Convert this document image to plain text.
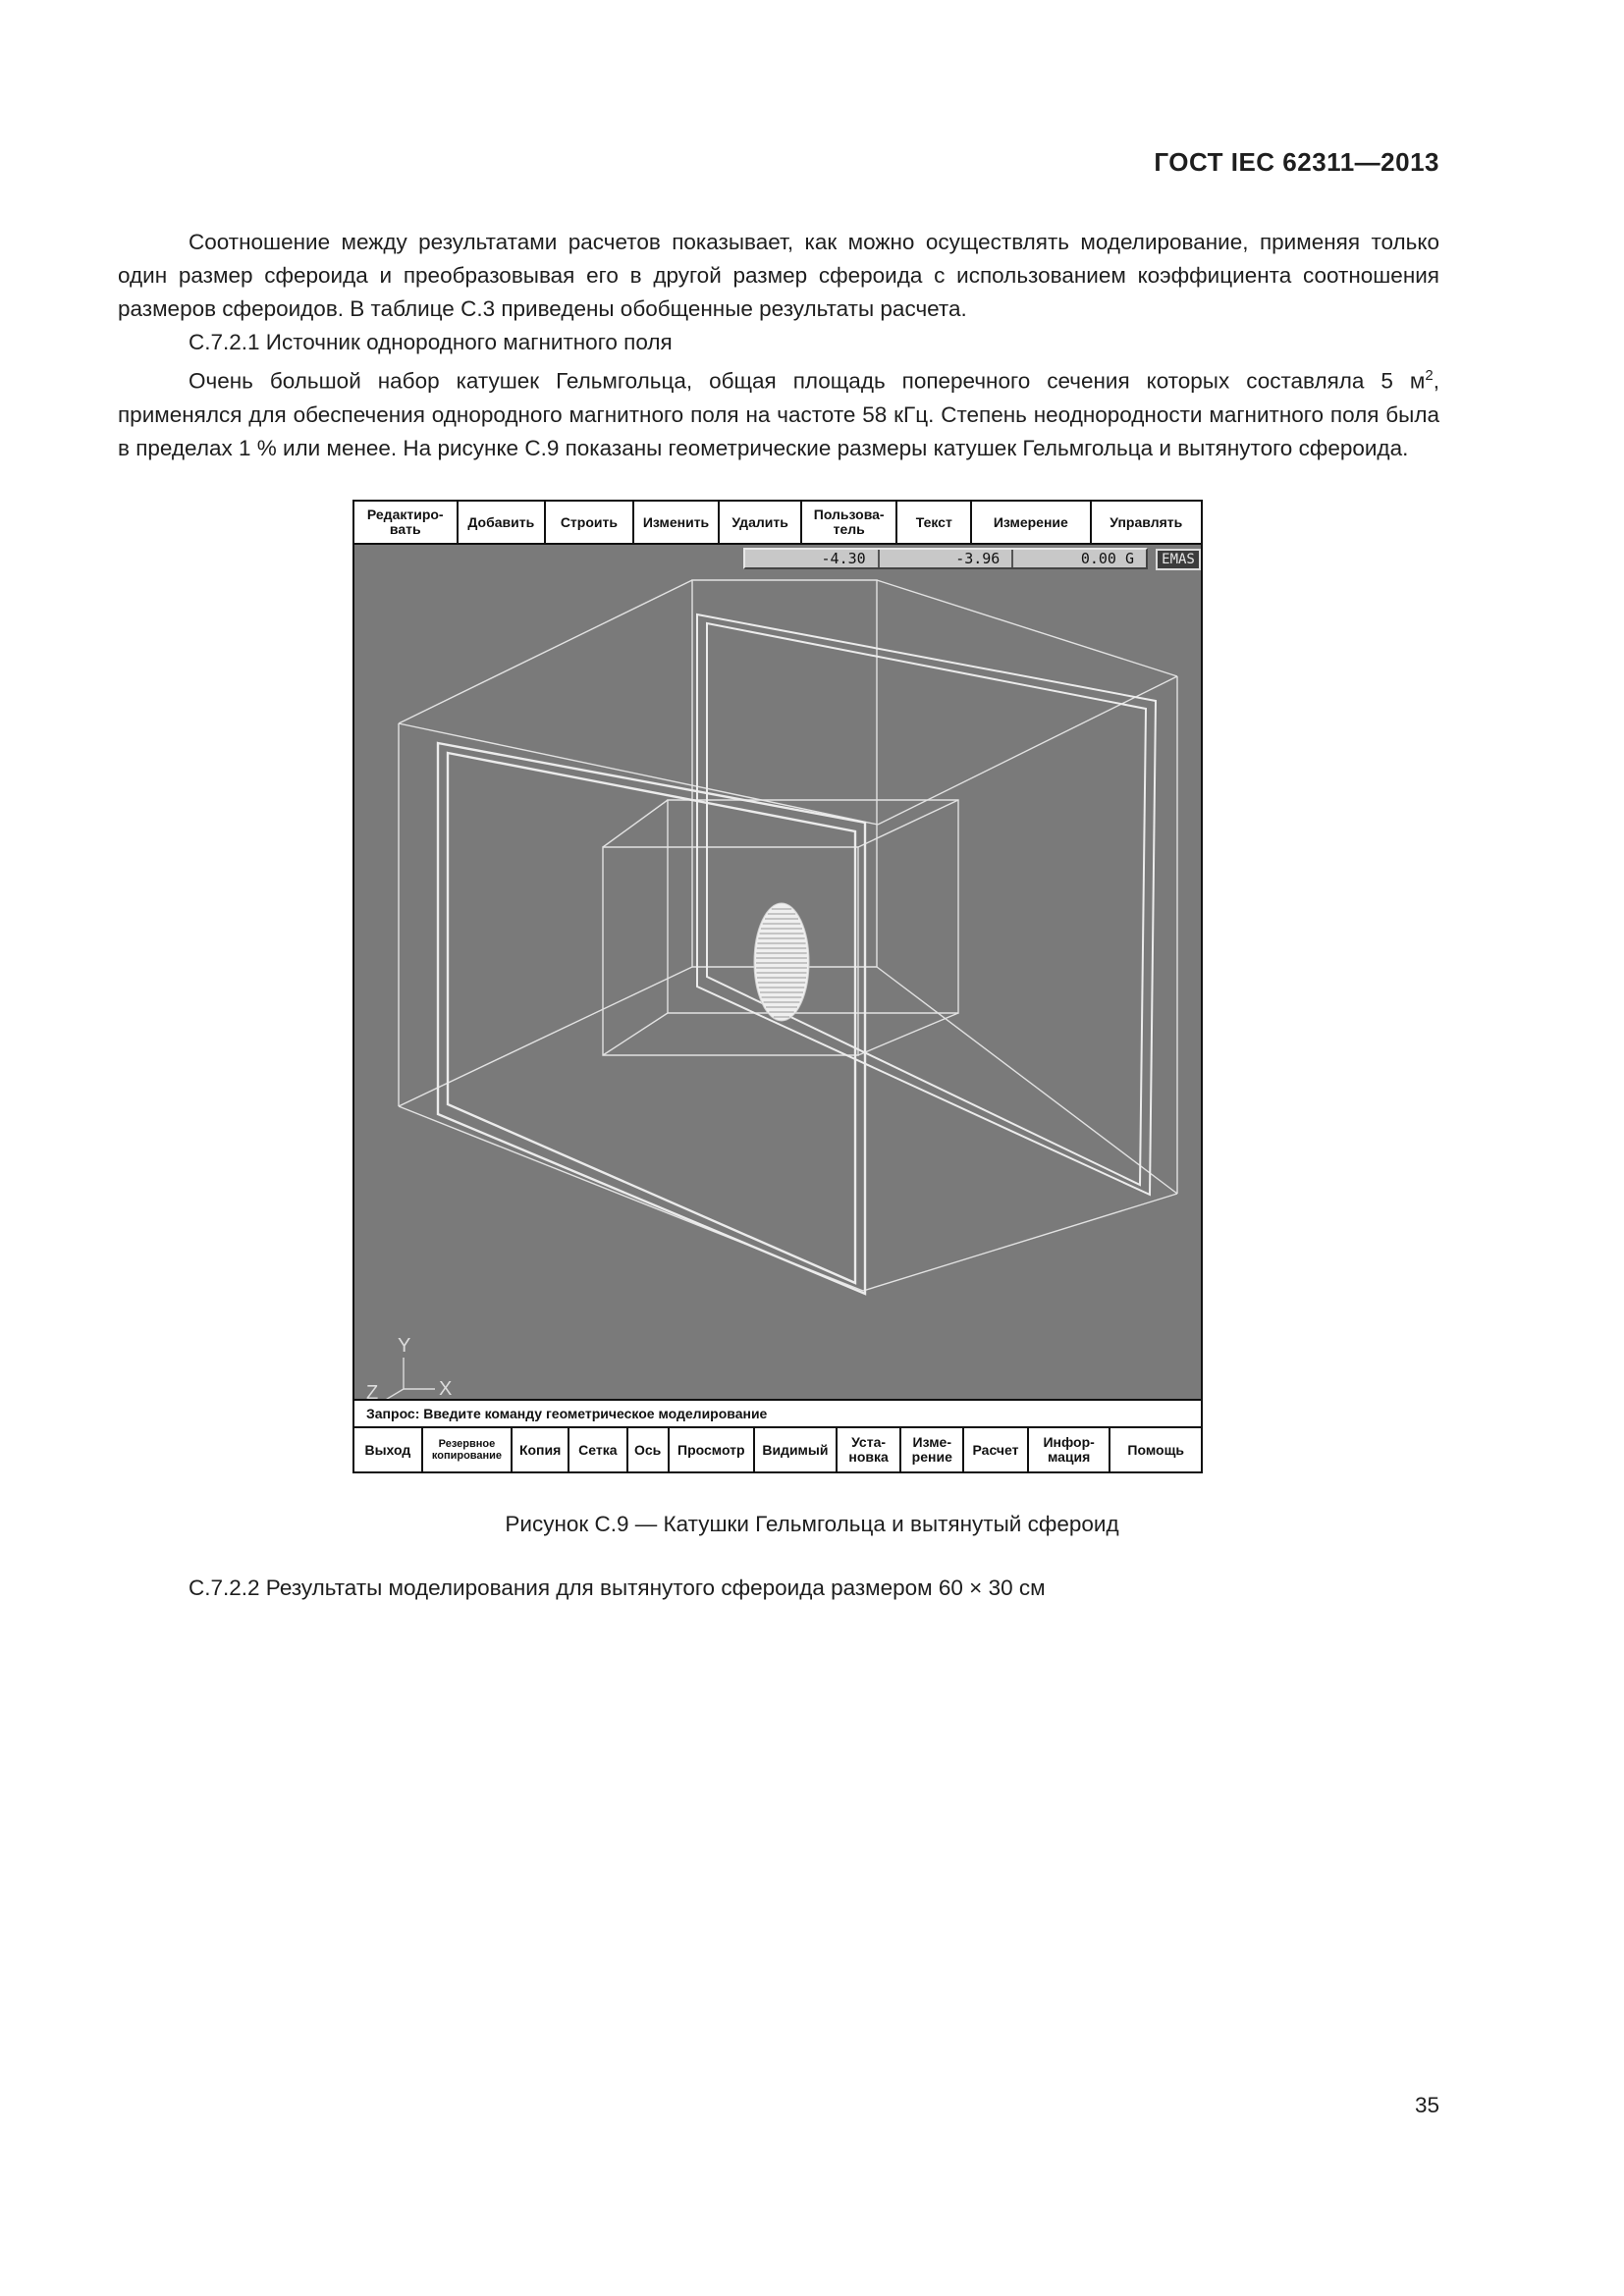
ГОСТ IEC 62311—2013

Соотношение между результатами расчетов показывает, как можно осуществлять моделирование, применяя только один размер сфероида и преобразовывая его в другой размер сфероида с использованием коэффициента соотношения размеров сфероидов. В таблице С.3 приведены обобщенные результаты расчета.

С.7.2.1 Источник однородного магнитного поля

Очень большой набор катушек Гельмгольца, общая площадь поперечного сечения которых составляла 5 $м^2$, применялся для обеспечения однородного магнитного поля на частоте 58 кГц. Степень неоднородности магнитного поля была в пределах 1 % или менее. На рисунке С.9 показаны геометрические размеры катушек Гельмгольца и вытянутого сфероида.

Редактиро-
вать	Добавить	Строить	Изменить	Удалить	Пользова-
тель	Текст	Измерение	Управлять
Y
X
Z
-4.30	-3.96	0.00 G	EMAS
Запрос: Введите команду геометрическое моделирование
Выход	Резервное
копирование	Копия	Сетка	Ось	Просмотр	Видимый	Уста-
новка
Изме-
рение	Расчет	Инфор-
мация	Помощь
Рисунок С.9 — Катушки Гельмгольца и вытянутый сфероид
С.7.2.2 Результаты моделирования для вытянутого сфероида размером 60 × 30 см
35
